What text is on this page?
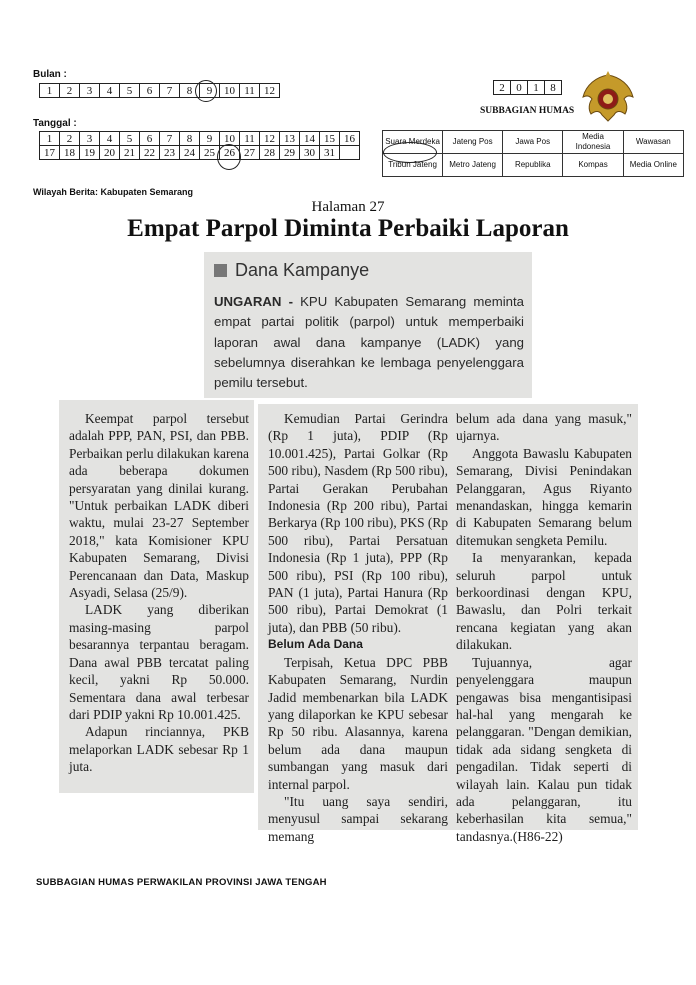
Bulan :
1	2	3	4	5	6	7	8	9	10	11	12
Tanggal :
1	2	3	4	5	6	7	8	9	10	11	12	13	14	15	16
17	18	19	20	21	22	23	24	25	26	27	28	29	30	31	
2	0	1	8
SUBBAGIAN HUMAS
Suara Merdeka	Jateng Pos	Jawa Pos	Media Indonesia	Wawasan
Tribun Jateng	Metro Jateng	Republika	Kompas	Media Online
Wilayah Berita: Kabupaten Semarang
Halaman 27
Empat Parpol Diminta Perbaiki Laporan
Dana Kampanye
UNGARAN - KPU Kabupaten Semarang meminta empat partai politik (parpol) untuk memperbaiki laporan awal dana kampanye (LADK) yang sebelumnya diserahkan ke lembaga penyelenggara pemilu tersebut.

Keempat parpol tersebut adalah PPP, PAN, PSI, dan PBB. Perbaikan perlu dilakukan karena ada beberapa dokumen persyaratan yang dinilai kurang. "Untuk perbaikan LADK diberi waktu, mulai 23-27 September 2018," kata Komisioner KPU Kabupaten Semarang, Divisi Perencanaan dan Data, Maskup Asyadi, Selasa (25/9).

LADK yang diberikan masing-masing parpol besarannya terpantau beragam. Dana awal PBB tercatat paling kecil, yakni Rp 50.000. Sementara dana awal terbesar dari PDIP yakni Rp 10.001.425.

Adapun rinciannya, PKB melaporkan LADK sebesar Rp 1 juta.

Kemudian Partai Gerindra (Rp 1 juta), PDIP (Rp 10.001.425), Partai Golkar (Rp 500 ribu), Nasdem (Rp 500 ribu), Partai Gerakan Perubahan Indonesia (Rp 200 ribu), Partai Berkarya (Rp 100 ribu), PKS (Rp 500 ribu), Partai Persatuan Indonesia (Rp 1 juta), PPP (Rp 500 ribu), PSI (Rp 100 ribu), PAN (1 juta), Partai Hanura (Rp 500 ribu), Partai Demokrat (1 juta), dan PBB (50 ribu).

Belum Ada Dana

Terpisah, Ketua DPC PBB Kabupaten Semarang, Nurdin Jadid membenarkan bila LADK yang dilaporkan ke KPU sebesar Rp 50 ribu. Alasannya, karena belum ada dana maupun sumbangan yang masuk dari internal parpol.

"Itu uang saya sendiri, menyusul sampai sekarang memang

belum ada dana yang masuk," ujarnya.

Anggota Bawaslu Kabupaten Semarang, Divisi Penindakan Pelanggaran, Agus Riyanto menandaskan, hingga kemarin di Kabupaten Semarang belum ditemukan sengketa Pemilu.

Ia menyarankan, kepada seluruh parpol untuk berkoordinasi dengan KPU, Bawaslu, dan Polri terkait rencana kegiatan yang akan dilakukan.

Tujuannya, agar penyelenggara maupun pengawas bisa mengantisipasi hal-hal yang mengarah ke pelanggaran. "Dengan demikian, tidak ada sidang sengketa di pengadilan. Tidak seperti di wilayah lain. Kalau pun tidak ada pelanggaran, itu keberhasilan kita semua," tandasnya.(H86-22)

SUBBAGIAN HUMAS PERWAKILAN PROVINSI JAWA TENGAH
